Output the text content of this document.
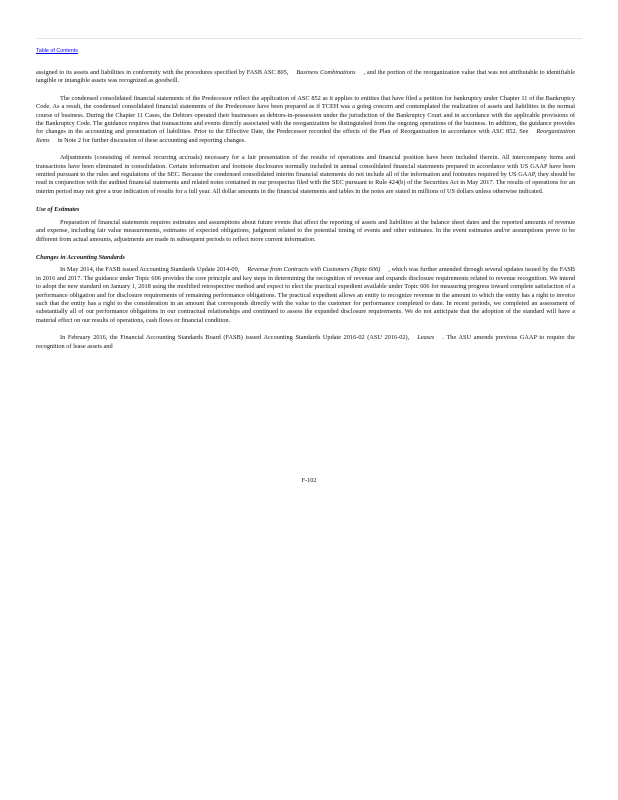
Table of Contents

assigned to its assets and liabilities in conformity with the procedures specified by FASB ASC 805, Business Combinations , and the portion of the reorganization value that was not attributable to identifiable tangible or intangible assets was recognized as goodwill.

The condensed consolidated financial statements of the Predecessor reflect the application of ASC 852 as it applies to entities that have filed a petition for bankruptcy under Chapter 11 of the Bankruptcy Code. As a result, the condensed consolidated financial statements of the Predecessor have been prepared as if TCEH was a going concern and contemplated the realization of assets and liabilities in the normal course of business. During the Chapter 11 Cases, the Debtors operated their businesses as debtors-in-possession under the jurisdiction of the Bankruptcy Court and in accordance with the applicable provisions of the Bankruptcy Code. The guidance requires that transactions and events directly associated with the reorganization be distinguished from the ongoing operations of the business. In addition, the guidance provides for changes in the accounting and presentation of liabilities. Prior to the Effective Date, the Predecessor recorded the effects of the Plan of Reorganization in accordance with ASC 852. See Reorganization Items in Note 2 for further discussion of these accounting and reporting changes.

Adjustments (consisting of normal recurring accruals) necessary for a fair presentation of the results of operations and financial position have been included therein. All intercompany items and transactions have been eliminated in consolidation. Certain information and footnote disclosures normally included in annual consolidated financial statements prepared in accordance with US GAAP have been omitted pursuant to the rules and regulations of the SEC. Because the condensed consolidated interim financial statements do not include all of the information and footnotes required by US GAAP, they should be read in conjunction with the audited financial statements and related notes contained in our prospectus filed with the SEC pursuant to Rule 424(b) of the Securities Act in May 2017. The results of operations for an interim period may not give a true indication of results for a full year. All dollar amounts in the financial statements and tables in the notes are stated in millions of US dollars unless otherwise indicated.

Use of Estimates

Preparation of financial statements requires estimates and assumptions about future events that affect the reporting of assets and liabilities at the balance sheet dates and the reported amounts of revenue and expense, including fair value measurements, estimates of expected obligations, judgment related to the potential timing of events and other estimates. In the event estimates and/or assumptions prove to be different from actual amounts, adjustments are made in subsequent periods to reflect more current information.

Changes in Accounting Standards

In May 2014, the FASB issued Accounting Standards Update 2014-09, Revenue from Contracts with Customers (Topic 606) , which was further amended through several updates issued by the FASB in 2016 and 2017. The guidance under Topic 606 provides the core principle and key steps in determining the recognition of revenue and expands disclosure requirements related to revenue recognition. We intend to adopt the new standard on January 1, 2018 using the modified retrospective method and expect to elect the practical expedient available under Topic 606 for measuring progress toward complete satisfaction of a performance obligation and for disclosure requirements of remaining performance obligations. The practical expedient allows an entity to recognize revenue in the amount to which the entity has a right to invoice such that the entity has a right to the consideration in an amount that corresponds directly with the value to the customer for performance completed to date. In recent periods, we completed an assessment of substantially all of our performance obligations in our contractual relationships and continued to assess the expanded disclosure requirements. We do not anticipate that the adoption of the standard will have a material effect on our results of operations, cash flows or financial condition.

In February 2016, the Financial Accounting Standards Board (FASB) issued Accounting Standards Update 2016-02 (ASU 2016-02), Leases . The ASU amends previous GAAP to require the recognition of lease assets and

F-102
